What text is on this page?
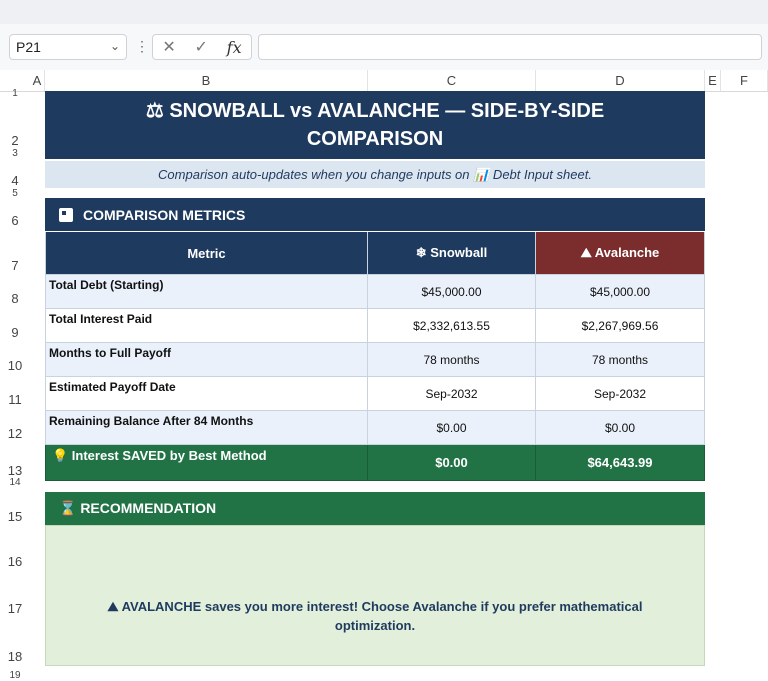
P21	⌄ ⋮ ✕ ✓ fx
A	B	C	D	E	F
1
2
3
4
5
6
7
8
9
10
11
12
13
14
15
16
17
18
19
⚖ SNOWBALL vs AVALANCHE — SIDE-BY-SIDE
COMPARISON
Comparison auto-updates when you change inputs on 📊 Debt Input sheet.
COMPARISON METRICS
Metric	❄ Snowball	⛰ Avalanche
Total Debt (Starting)	$45,000.00	$45,000.00
Total Interest Paid	$2,332,613.55	$2,267,969.56
Months to Full Payoff	78 months	78 months
Estimated Payoff Date	Sep-2032	Sep-2032
Remaining Balance After 84 Months	$0.00	$0.00
💡 Interest SAVED by Best Method	$0.00	$64,643.99
⌛ RECOMMENDATION
⛰ AVALANCHE saves you more interest! Choose Avalanche if you prefer mathematical optimization.
